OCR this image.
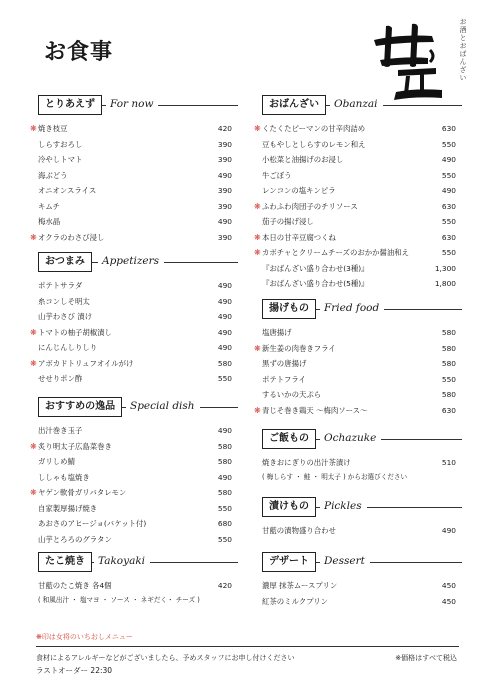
お食事	お酒とおばんざい
とりあえず	For now
❋ 焼き枝豆	420
しらすおろし	390
冷やしトマト	390
海ぶどう	490
オニオンスライス	390
キムチ	390
梅水晶	490
❋ オクラのわさび浸し	390
おつまみ	Appetizers
ポテトサラダ	490
糸コンしそ明太	490
山芋わさび 漬け	490
❋ トマトの柚子胡椒漬し	490
にんじんしりしり	490
❋ アボカドトリュフオイルがけ	580
せせりポン酢	550
おすすめの逸品	Special dish
出汁巻き玉子	490
❋ 炙り明太子広島菜巻き	580
ガリしめ鯖	580
ししゃも塩焼き	490
❋ ヤゲン軟骨ガリバタレモン	580
自家製厚揚げ焼き	550
あおさのアヒージョ(バケット付)	680
山芋とろろのグラタン	550
たこ焼き	Takoyaki
甘藍のたこ焼き 各4個	420
( 和風出汁 ・ 塩マヨ ・ ソース ・ ネギだく・ チーズ )
おばんざい	Obanzai
❋ くたくたピーマンの甘辛肉詰め	630
豆もやしとしらすのレモン和え	550
小松菜と油揚げのお浸し	490
牛ごぼう	550
レンコンの塩キンピラ	490
❋ ふわふわ肉団子のチリソース	630
茄子の揚げ浸し	550
❋ 本日の甘辛豆腐つくね	630
❋ カボチャとクリームチーズのおかか醤油和え	550
『おばんざい盛り合わせ(3種)』	1,300
『おばんざい盛り合わせ(5種)』	1,800
揚げもの	Fried food
塩唐揚げ	580
❋ 新生姜の肉巻きフライ	580
黒ずの唐揚げ	580
ポテトフライ	550
するいかの天ぷら	580
❋ 青じそ巻き鶏天 ～梅肉ソース～	630
ご飯もの	Ochazuke
焼きおにぎりの出汁茶漬け	510
( 梅しらす ・ 鮭 ・ 明太子 ) からお選びください
漬けもの	Pickles
甘藍の漬物盛り合わせ	490
デザート	Dessert
濃厚 抹茶ムースプリン	450
紅茶のミルクプリン	450
❋印は女将のいちおしメニュー
食材によるアレルギーなどがございましたら、予めスタッフにお申し付けください
ラストオーダー 22:30
※価格はすべて税込
